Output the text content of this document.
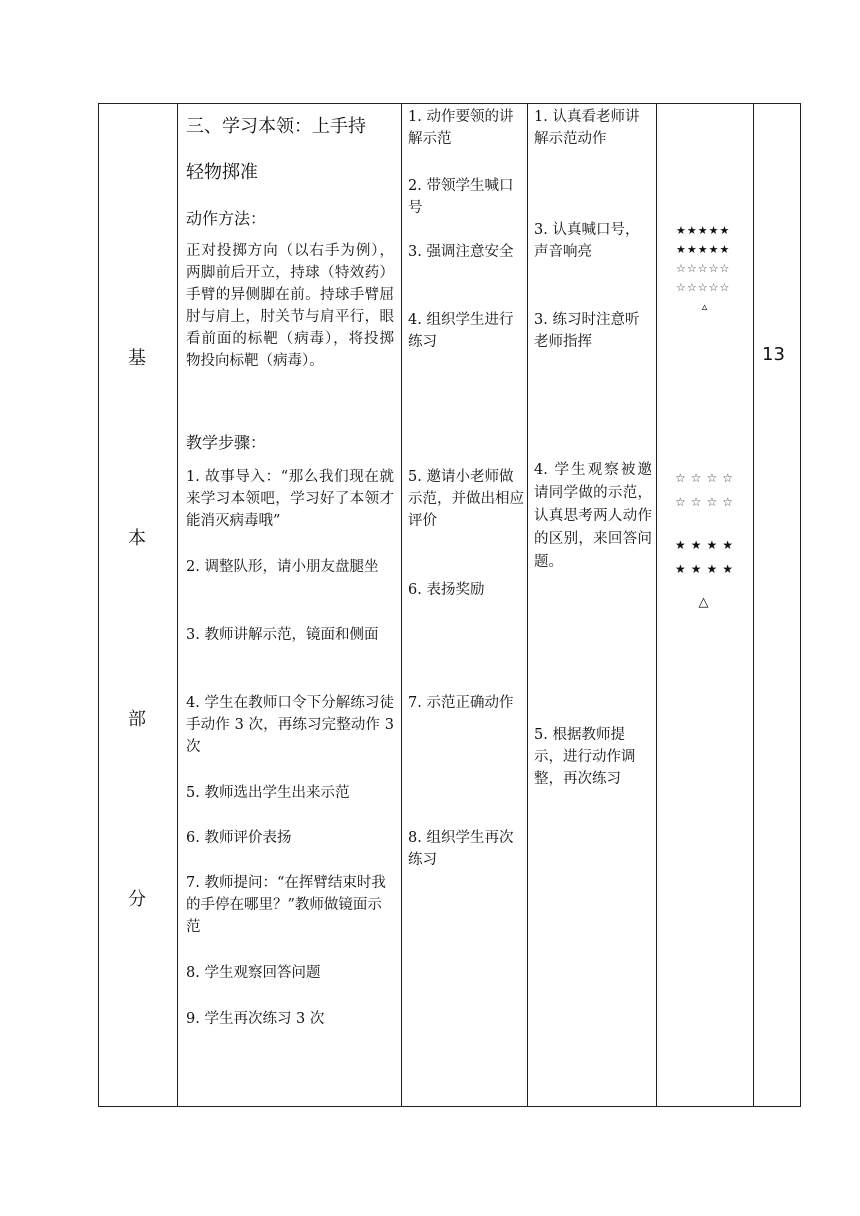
基
本
部
分
三、学习本领：上手持
轻物掷准
动作方法：
正对投掷方向（以右手为例），两脚前后开立，持球（特效药）手臂的异侧脚在前。持球手臂屈肘与肩上，肘关节与肩平行，眼看前面的标靶（病毒），将投掷物投向标靶（病毒）。
教学步骤：
1. 故事导入：“那么我们现在就来学习本领吧，学习好了本领才能消灭病毒哦”
2. 调整队形，请小朋友盘腿坐
3. 教师讲解示范，镜面和侧面
4. 学生在教师口令下分解练习徒手动作 3 次，再练习完整动作 3 次
5. 教师选出学生出来示范
6. 教师评价表扬
7. 教师提问：“在挥臂结束时我的手停在哪里？”教师做镜面示范
8. 学生观察回答问题
9. 学生再次练习 3 次
1. 动作要领的讲解示范
2. 带领学生喊口号
3. 强调注意安全
4. 组织学生进行练习
5. 邀请小老师做示范，并做出相应评价
6. 表扬奖励
7. 示范正确动作
8. 组织学生再次练习
1. 认真看老师讲解示范动作
3. 认真喊口号，声音响亮
3. 练习时注意听老师指挥
4. 学生观察被邀请同学做的示范，认真思考两人动作的区别，来回答问题。
5. 根据教师提示，进行动作调整，再次练习
★★★★★
★★★★★
☆☆☆☆☆
☆☆☆☆☆
▵
☆☆☆☆
☆☆☆☆
★★★★
★★★★
△
13
